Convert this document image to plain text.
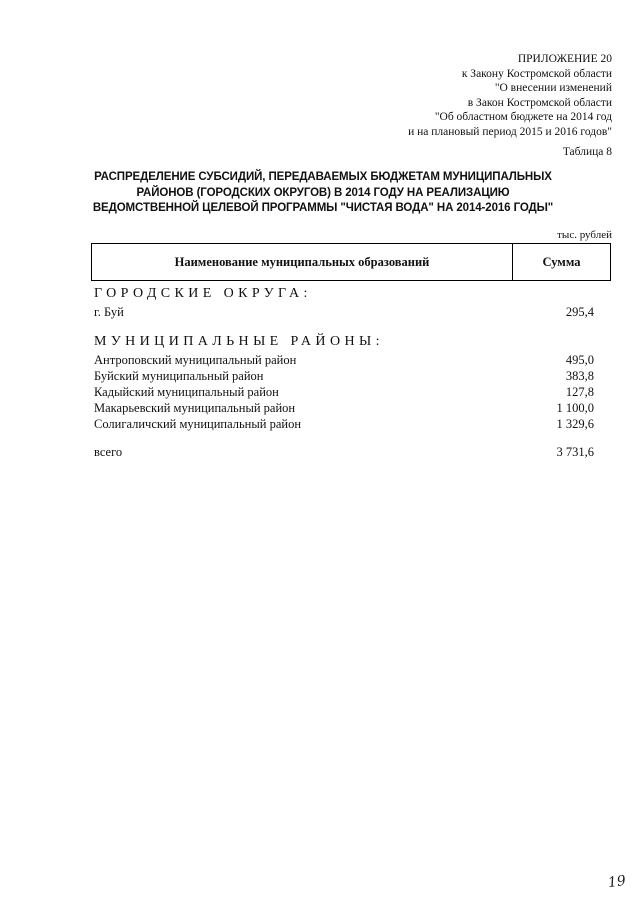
ПРИЛОЖЕНИЕ 20
к Закону Костромской области
"О внесении изменений
в Закон Костромской области
"Об областном бюджете на 2014 год
и на плановый период 2015 и 2016 годов"
Таблица 8
РАСПРЕДЕЛЕНИЕ СУБСИДИЙ, ПЕРЕДАВАЕМЫХ БЮДЖЕТАМ МУНИЦИПАЛЬНЫХ РАЙОНОВ (ГОРОДСКИХ ОКРУГОВ) В 2014 ГОДУ НА РЕАЛИЗАЦИЮ ВЕДОМСТВЕННОЙ ЦЕЛЕВОЙ ПРОГРАММЫ "ЧИСТАЯ ВОДА" НА 2014-2016 ГОДЫ"
тыс. рублей
Наименование муниципальных образований	Сумма
ГОРОДСКИЕ ОКРУГА:
г. Буй	295,4
МУНИЦИПАЛЬНЫЕ РАЙОНЫ:
Антроповский муниципальный район	495,0
Буйский муниципальный район	383,8
Кадыйский муниципальный район	127,8
Макарьевский муниципальный район	1 100,0
Солигаличский муниципальный район	1 329,6
всего	3 731,6
19
